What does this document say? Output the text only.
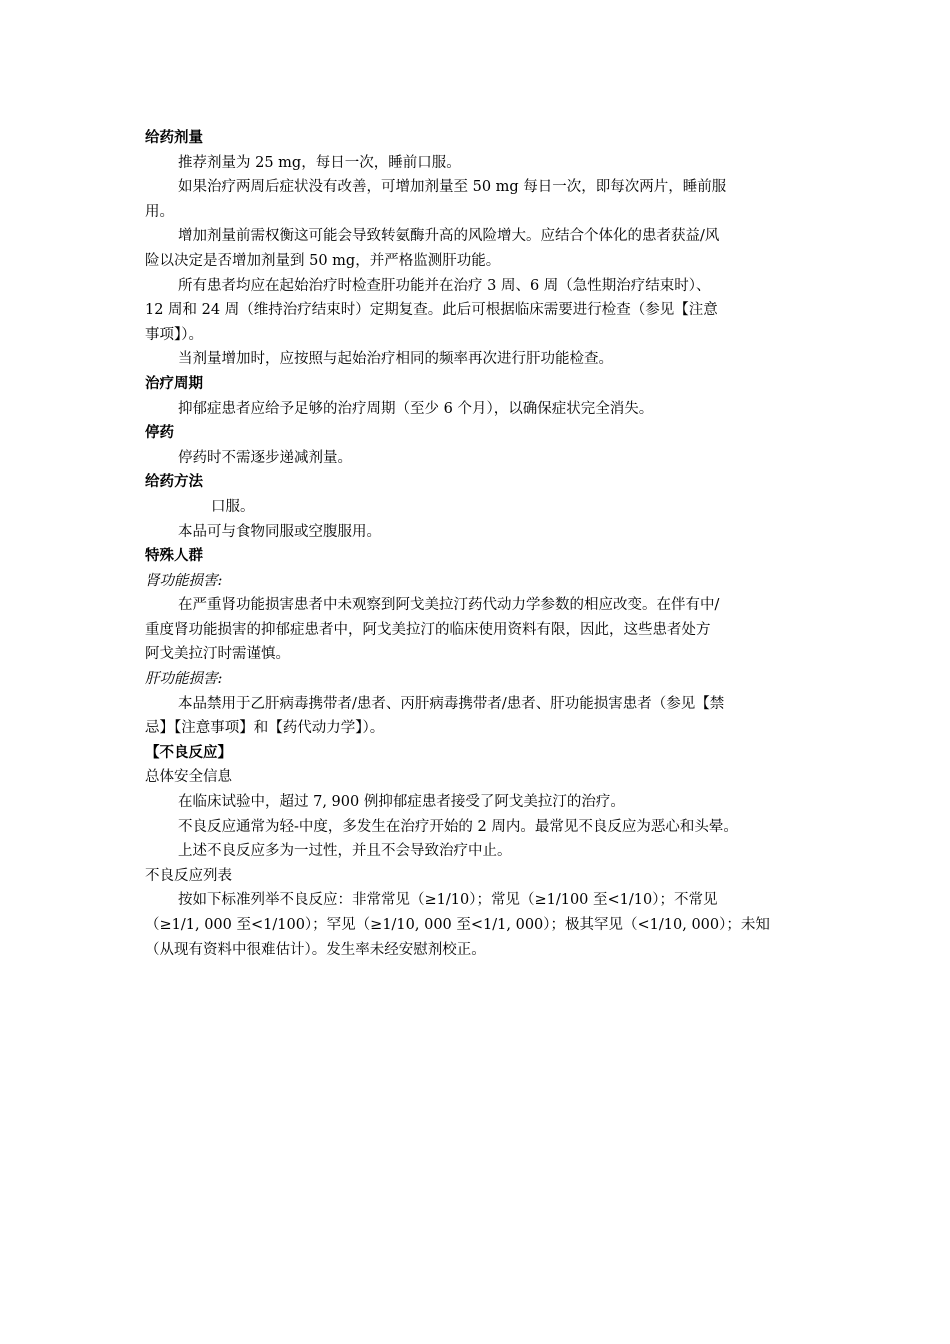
给药剂量
推荐剂量为 25 mg，每日一次，睡前口服。
如果治疗两周后症状没有改善，可增加剂量至 50 mg 每日一次，即每次两片，睡前服
用。
增加剂量前需权衡这可能会导致转氨酶升高的风险增大。应结合个体化的患者获益/风
险以决定是否增加剂量到 50 mg，并严格监测肝功能。
所有患者均应在起始治疗时检查肝功能并在治疗 3 周、6 周（急性期治疗结束时）、
12 周和 24 周（维持治疗结束时）定期复查。此后可根据临床需要进行检查（参见【注意
事项】）。
当剂量增加时，应按照与起始治疗相同的频率再次进行肝功能检查。
治疗周期
抑郁症患者应给予足够的治疗周期（至少 6 个月），以确保症状完全消失。
停药
停药时不需逐步递减剂量。
给药方法
口服。
本品可与食物同服或空腹服用。
特殊人群
肾功能损害:
在严重肾功能损害患者中未观察到阿戈美拉汀药代动力学参数的相应改变。在伴有中/
重度肾功能损害的抑郁症患者中，阿戈美拉汀的临床使用资料有限，因此，这些患者处方
阿戈美拉汀时需谨慎。
肝功能损害:
本品禁用于乙肝病毒携带者/患者、丙肝病毒携带者/患者、肝功能损害患者（参见【禁
忌】【注意事项】和【药代动力学】）。
【不良反应】
总体安全信息
在临床试验中，超过 7, 900 例抑郁症患者接受了阿戈美拉汀的治疗。
不良反应通常为轻-中度，多发生在治疗开始的 2 周内。最常见不良反应为恶心和头晕。
上述不良反应多为一过性，并且不会导致治疗中止。
不良反应列表
按如下标准列举不良反应：非常常见（≥1/10）；常见（≥1/100 至<1/10）；不常见
（≥1/1, 000 至<1/100）；罕见（≥1/10, 000 至<1/1, 000）；极其罕见（<1/10, 000）；未知
（从现有资料中很难估计）。发生率未经安慰剂校正。
